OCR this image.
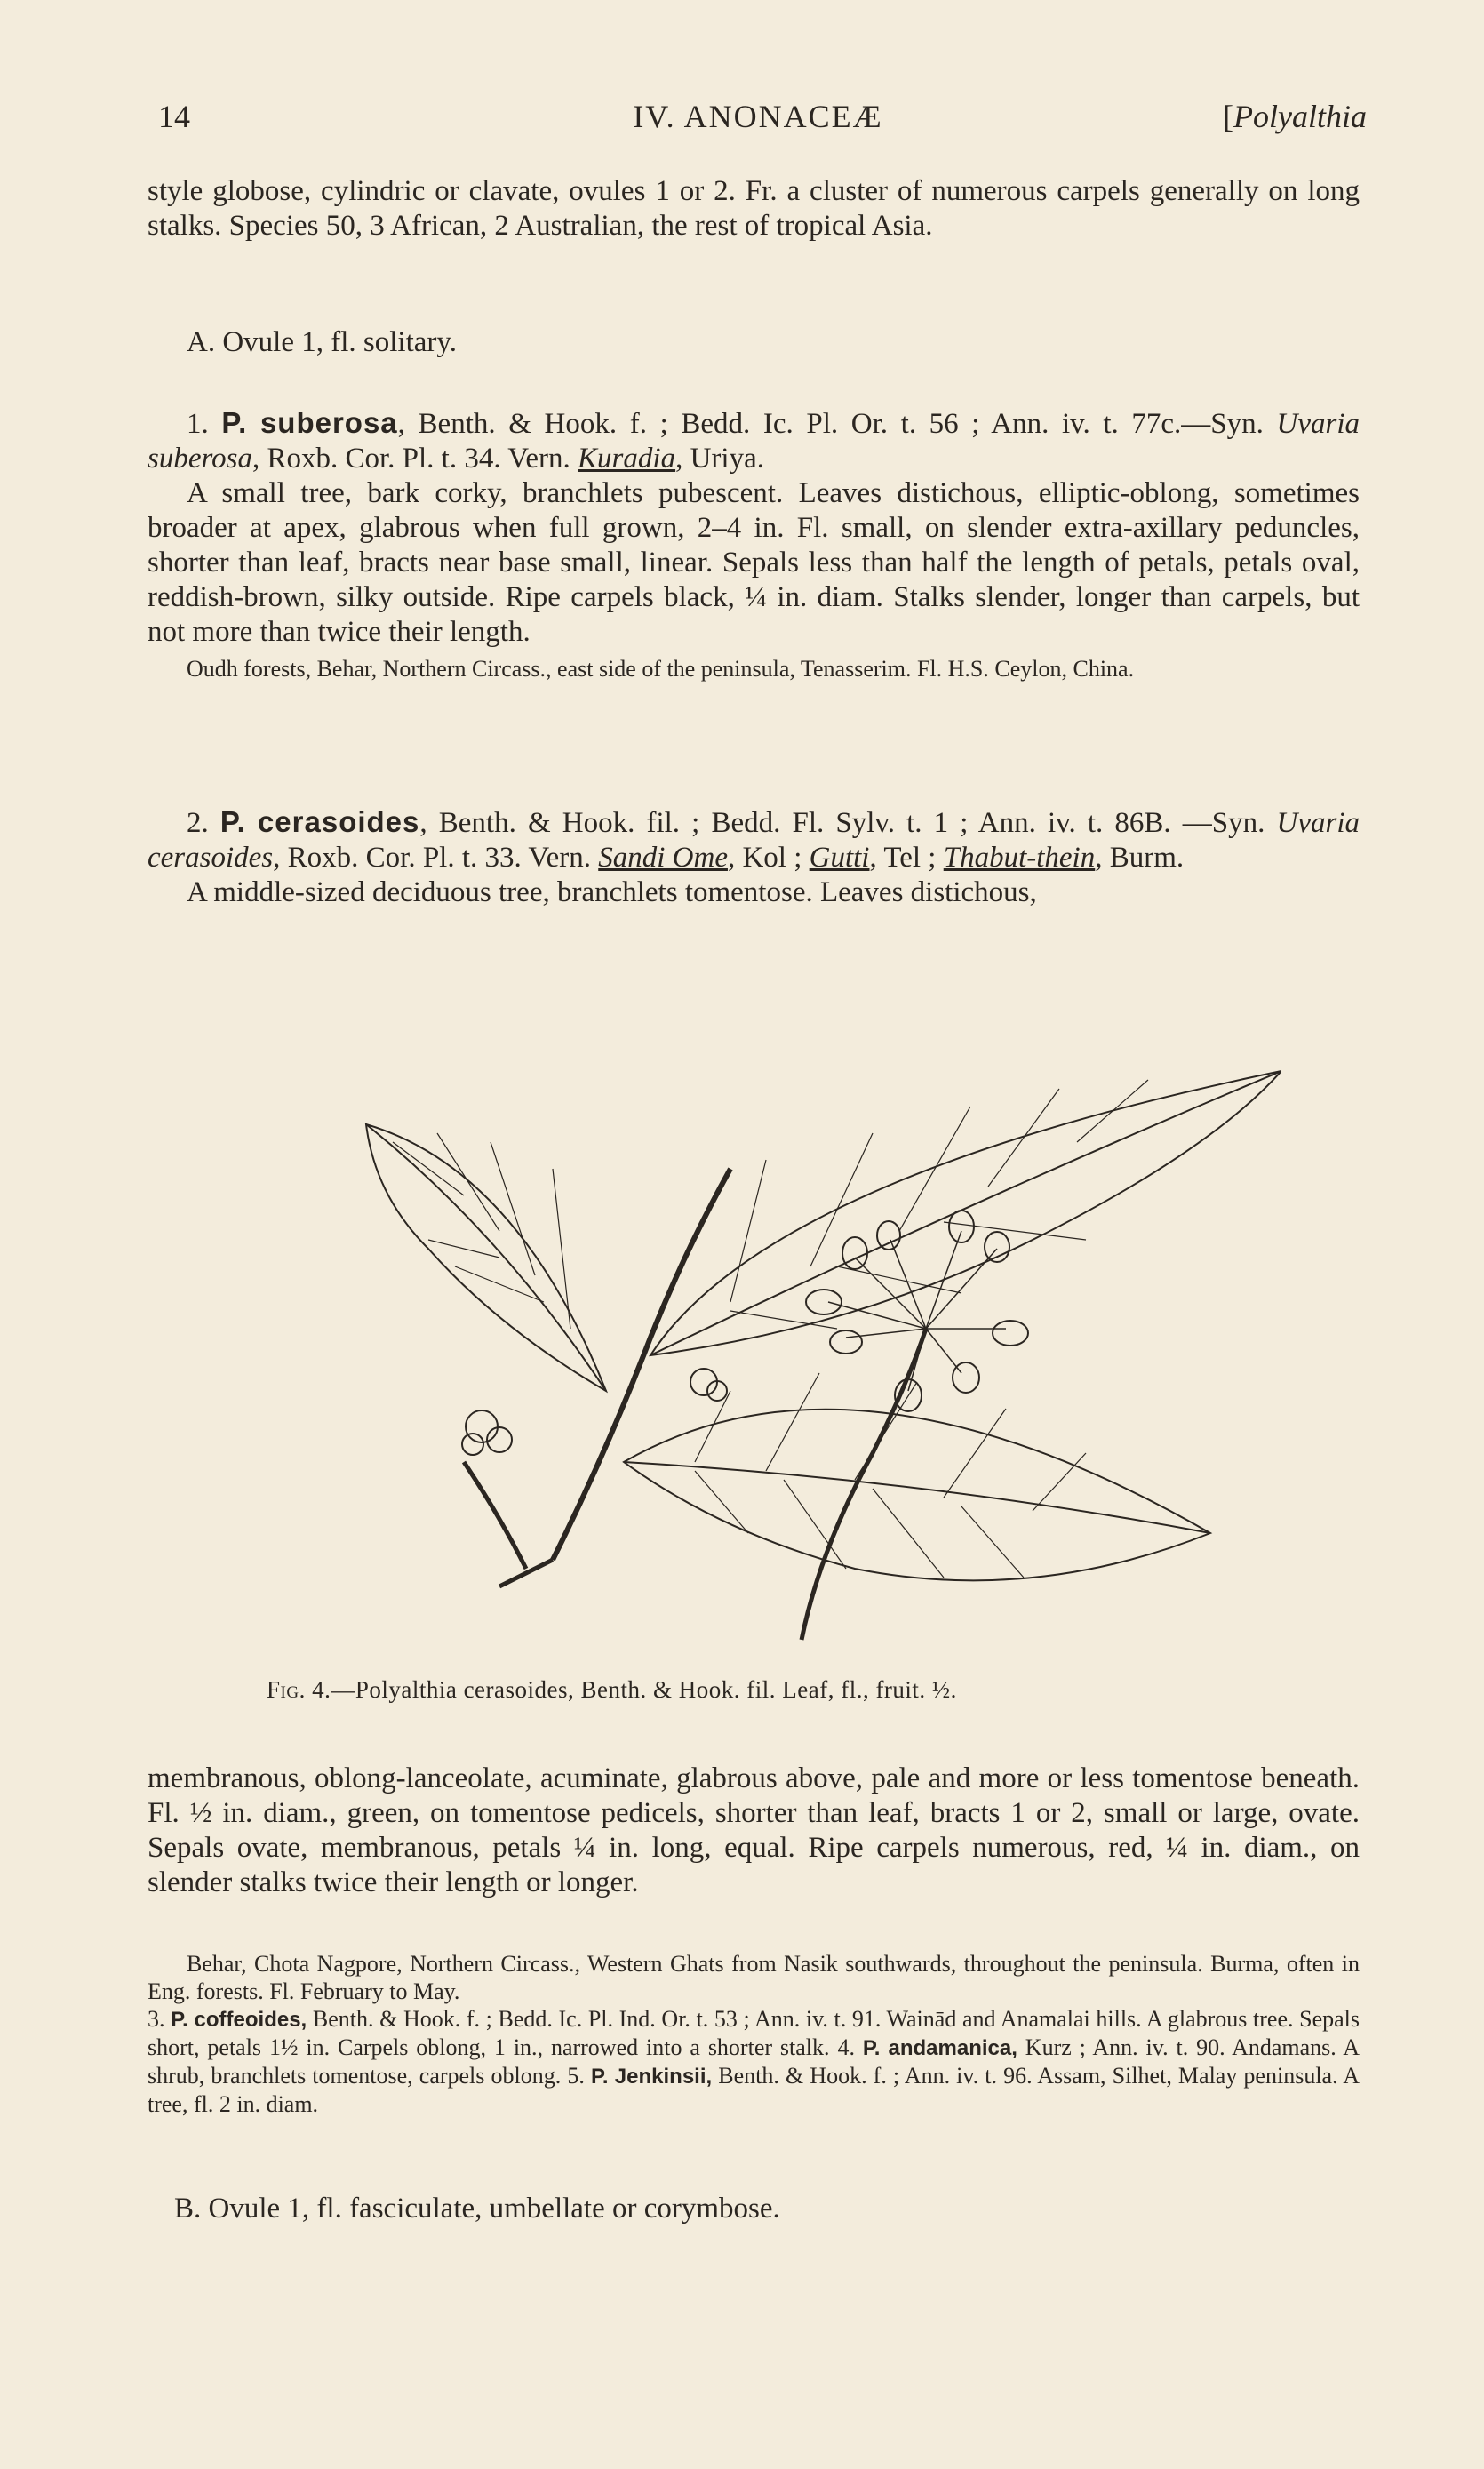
14	IV. ANONACEÆ	[Polyalthia

style globose, cylindric or clavate, ovules 1 or 2. Fr. a cluster of numerous carpels generally on long stalks. Species 50, 3 African, 2 Australian, the rest of tropical Asia.

A. Ovule 1, fl. solitary.

1. P. suberosa, Benth. & Hook. f. ; Bedd. Ic. Pl. Or. t. 56 ; Ann. iv. t. 77c.—Syn. Uvaria suberosa, Roxb. Cor. Pl. t. 34. Vern. Kuradia, Uriya.

A small tree, bark corky, branchlets pubescent. Leaves distichous, elliptic-oblong, sometimes broader at apex, glabrous when full grown, 2–4 in. Fl. small, on slender extra-axillary peduncles, shorter than leaf, bracts near base small, linear. Sepals less than half the length of petals, petals oval, reddish-brown, silky outside. Ripe carpels black, ¼ in. diam. Stalks slender, longer than carpels, but not more than twice their length.

Oudh forests, Behar, Northern Circass., east side of the peninsula, Tenasserim. Fl. H.S. Ceylon, China.

2. P. cerasoides, Benth. & Hook. fil. ; Bedd. Fl. Sylv. t. 1 ; Ann. iv. t. 86B. —Syn. Uvaria cerasoides, Roxb. Cor. Pl. t. 33. Vern. Sandi Ome, Kol ; Gutti, Tel ; Thabut-thein, Burm.

A middle-sized deciduous tree, branchlets tomentose. Leaves distichous,

Fig. 4.—Polyalthia cerasoides, Benth. & Hook. fil. Leaf, fl., fruit. ½.

membranous, oblong-lanceolate, acuminate, glabrous above, pale and more or less tomentose beneath. Fl. ½ in. diam., green, on tomentose pedicels, shorter than leaf, bracts 1 or 2, small or large, ovate. Sepals ovate, membranous, petals ¼ in. long, equal. Ripe carpels numerous, red, ¼ in. diam., on slender stalks twice their length or longer.

Behar, Chota Nagpore, Northern Circass., Western Ghats from Nasik southwards, throughout the peninsula. Burma, often in Eng. forests. Fl. February to May.

3. P. coffeoides, Benth. & Hook. f. ; Bedd. Ic. Pl. Ind. Or. t. 53 ; Ann. iv. t. 91. Wainād and Anamalai hills. A glabrous tree. Sepals short, petals 1½ in. Carpels oblong, 1 in., narrowed into a shorter stalk. 4. P. andamanica, Kurz ; Ann. iv. t. 90. Andamans. A shrub, branchlets tomentose, carpels oblong. 5. P. Jenkinsii, Benth. & Hook. f. ; Ann. iv. t. 96. Assam, Silhet, Malay peninsula. A tree, fl. 2 in. diam.

B. Ovule 1, fl. fasciculate, umbellate or corymbose.
